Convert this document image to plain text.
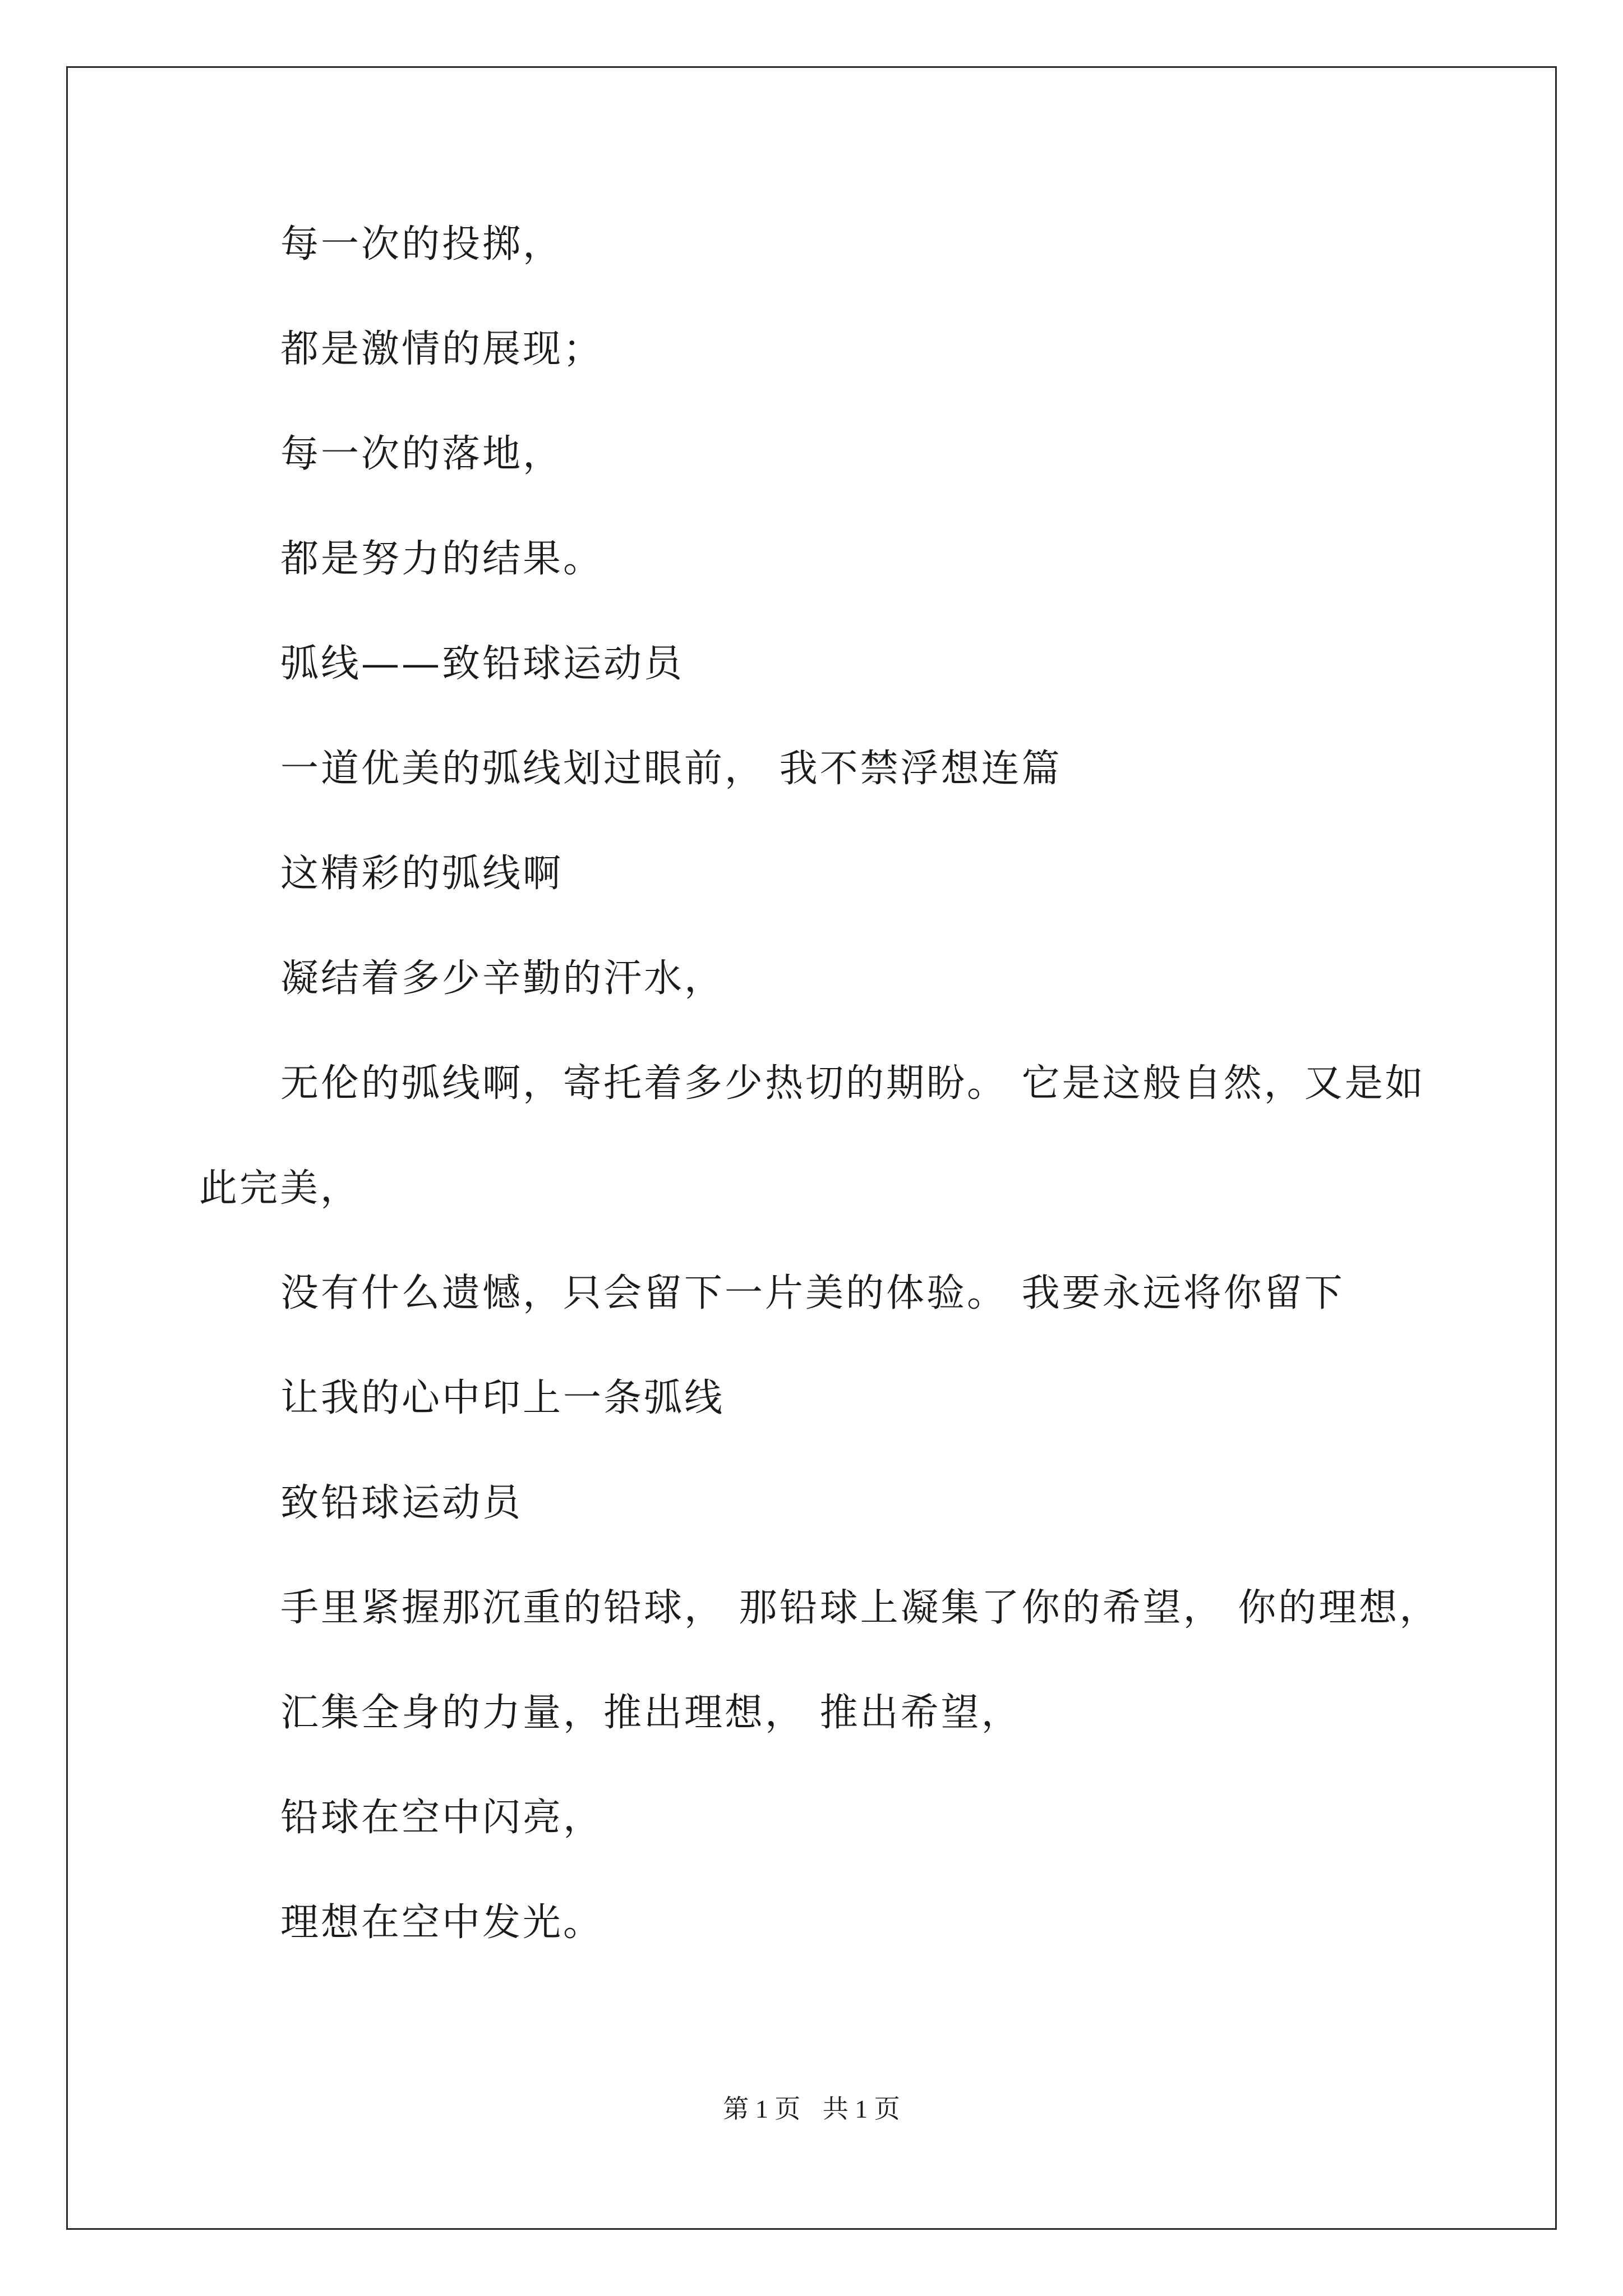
每一次的投掷，
都是激情的展现；
每一次的落地，
都是努力的结果。
弧线——致铅球运动员
一道优美的弧线划过眼前， 我不禁浮想连篇
这精彩的弧线啊
凝结着多少辛勤的汗水，
无伦的弧线啊，寄托着多少热切的期盼。 它是这般自然，又是如
此完美，
没有什么遗憾，只会留下一片美的体验。 我要永远将你留下
让我的心中印上一条弧线
致铅球运动员
手里紧握那沉重的铅球， 那铅球上凝集了你的希望， 你的理想，
汇集全身的力量，推出理想， 推出希望，
铅球在空中闪亮，
理想在空中发光。
第 1 页 共 1 页
